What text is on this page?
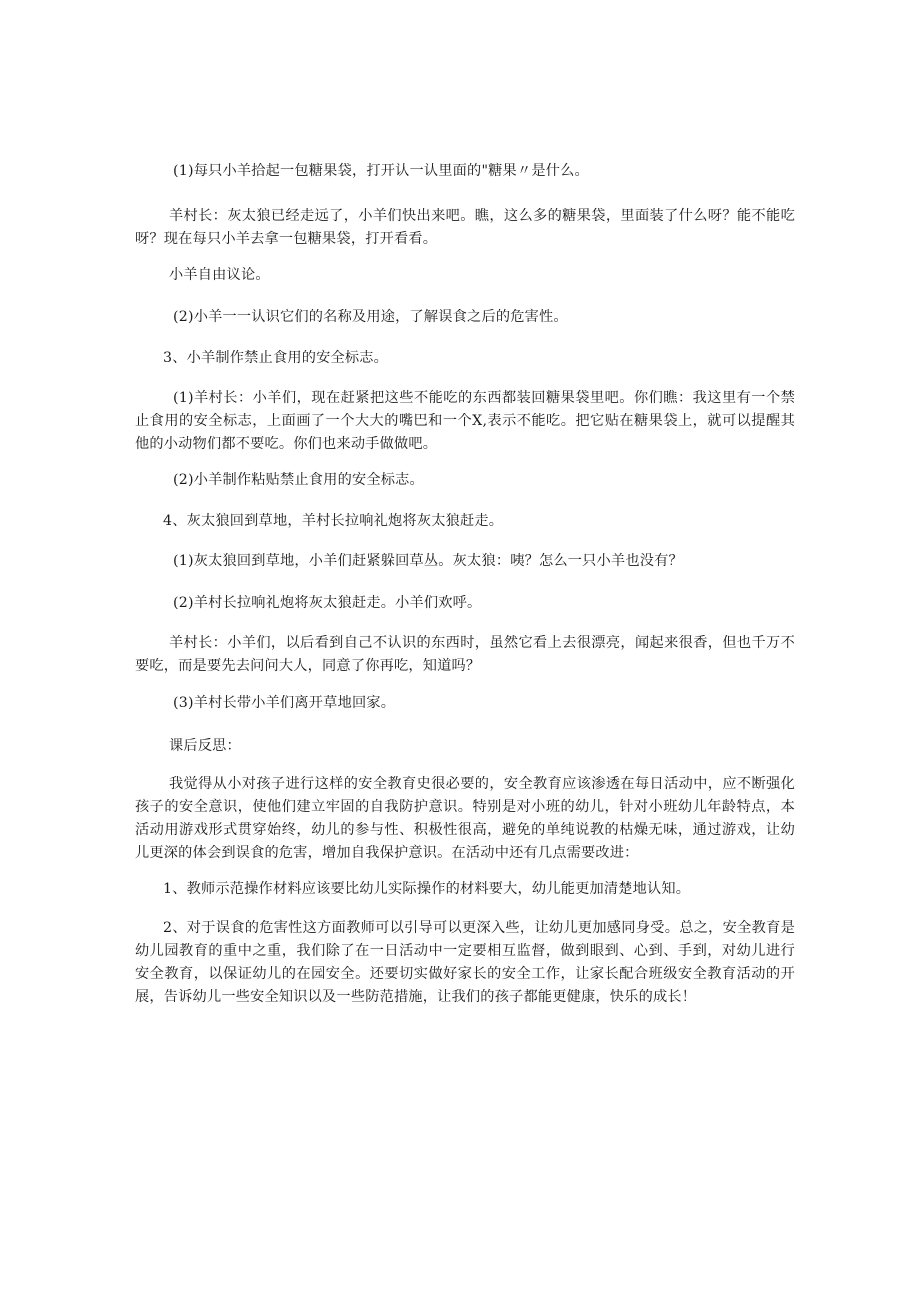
(1)每只小羊拾起一包糖果袋，打开认一认里面的"糖果〃是什么。

羊村长：灰太狼已经走远了，小羊们快出来吧。瞧，这么多的糖果袋，里面装了什么呀？能不能吃呀？现在每只小羊去拿一包糖果袋，打开看看。

小羊自由议论。

(2)小羊一一认识它们的名称及用途，了解误食之后的危害性。

3、小羊制作禁止食用的安全标志。

(1)羊村长：小羊们，现在赶紧把这些不能吃的东西都装回糖果袋里吧。你们瞧：我这里有一个禁止食用的安全标志，上面画了一个大大的嘴巴和一个X,表示不能吃。把它贴在糖果袋上，就可以提醒其他的小动物们都不要吃。你们也来动手做做吧。

(2)小羊制作粘贴禁止食用的安全标志。

4、灰太狼回到草地，羊村长拉响礼炮将灰太狼赶走。

(1)灰太狼回到草地，小羊们赶紧躲回草丛。灰太狼：咦？怎么一只小羊也没有？

(2)羊村长拉响礼炮将灰太狼赶走。小羊们欢呼。

羊村长：小羊们，以后看到自己不认识的东西时，虽然它看上去很漂亮，闻起来很香，但也千万不要吃，而是要先去问问大人，同意了你再吃，知道吗？

(3)羊村长带小羊们离开草地回家。

课后反思：

我觉得从小对孩子进行这样的安全教育史很必要的，安全教育应该渗透在每日活动中，应不断强化孩子的安全意识，使他们建立牢固的自我防护意识。特别是对小班的幼儿，针对小班幼儿年龄特点，本活动用游戏形式贯穿始终，幼儿的参与性、积极性很高，避免的单纯说教的枯燥无味，通过游戏，让幼儿更深的体会到误食的危害，增加自我保护意识。在活动中还有几点需要改进：

1、教师示范操作材料应该要比幼儿实际操作的材料要大，幼儿能更加清楚地认知。

2、对于误食的危害性这方面教师可以引导可以更深入些，让幼儿更加感同身受。总之，安全教育是幼儿园教育的重中之重，我们除了在一日活动中一定要相互监督，做到眼到、心到、手到，对幼儿进行安全教育，以保证幼儿的在园安全。还要切实做好家长的安全工作，让家长配合班级安全教育活动的开展，告诉幼儿一些安全知识以及一些防范措施，让我们的孩子都能更健康，快乐的成长！
